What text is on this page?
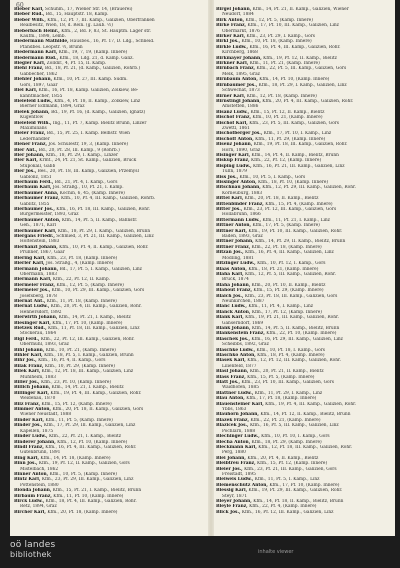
60
Bieber Karl, Schuhm., 17, Wiener Str. 14, (Brauerei)
Bieber Rud., Bd., 15, Hauptstr. 18, Kamp.
Bieber Wilh., Kfm., 12, Pf. 7, III. Kamp., Galizien, Oberfranken
Realbesitz, Wien, 18, d. Rein. (g. Laub. ½)
Bieberbach Heinr., Kfm., 2, Bd. F, 83, St. Hauptm. Lager str.
Kaufm., 1898, Lemb.
Biedermann Mathilde, Hausbes., 16, Pf. 17, D. Ldg., Schneid.
Pfandbes. Leopstr. ½, Brünn
Biedermann Karl, Kfm., 19, 7, 19, (Kamp. Innere)
Biedermann Rud., Kfm., 18, Ldg. 21, d. Kamp. Galiz.
Biegler Karl, Zolldir., 4, Pf. 15, II. Kamp.
Biehl Franz, Bd., 18, Pf. 21, (d. Kamp., Galizien, Rohrb.)
Gabbecher, 1862
Biehler Johann, Kfm., 10, Pf. 27, III. Kamp. Südm.
Görs, 1897, Gaar
Biel Karl, Kfm., 16, Pf. 18, Kamp. Galizien, Zolkiew, Be-
kanntmacher, 1855
Bielefeld Ludw., Kfm., 4, Pf. 18, II. Kamp., Zolkiew, Linz
Bierner Edlmann, 1894, Graz
Bielek Johann, Bd., 19, Pf. 16, (d. Kamp., Galizien, Ignatz)
Kugenflow
Bielefeld Wilh., Ing., 11, Pf. 7, Kamp. Bielitz Brünn, Linzer
Maximilians
Bieler Franz, Bd., 15, Pf. 25, I. Kamp. Belhstr. Wien
Lederhändler
Biener Franz, Jos. Schulestr, 19, 3, (Kamp. Innere)
Bier Ant., Bd., 20, Pf. 28, III. Kamp., 9 (Rohrb.)
Bier Johann, Kfm., 18, Pf. 29, I. Kamp., Linzer
Bier Karl, Krmt., 24, Pf. 21, St. Kamp., Galizien, Bruck
Stupokall, Gabb
Bier Jos., Bes., 20, Pf. 18, III. Kamp., Galizien, Przemysl
Gablonz, 1851
Bierbaum Ferd., Bd., 21, Pf. 4, I. Kamp., Görs
Bierbaum Karl, Jos. Straßg., 10, Pf. 21, I. Kamp.
Bierbaumer Anna, Köchin, 6, 45, (Kamp. Innere)
Bierbaumer Franz, Kfm., 10, Pf. 4, III. Kamp., Galizien, Rohrb.
Gablitz, 1855
Bierbaumer Jos., Kfm., 16, Pf. 18, III. Kamp., Galizien, Rohr.
Bürgermeister, 1893, Graz
Bierbaumer Anton, Kfm., 14, Pf. 5, II. Kamp., Bahnstr.
Geh., 1871, Karl
Bierbaumer Karl, Kfm., 18, Pf. 29, I. Kamp., Galizien, Brünn
Biergans Friedr., Schmied, 3, Pf. 21, III. Kamp., Galizien, Linz
Holtenstein, 1883
Bierhanzl Johann, Kfm., 10, Pf. 4, II. Kamp., Galizien, Rohr.
Prunner, 1867, Gaar
Biering Karl, Kfm., 23, Pf. 18, (Kamp. Innere)
Bierler Karl, Jos. Straßg., 4, (Kamp. Innere)
Biermann Johann, Bd., 17, Pf. 5, I. Kamp., Galizien, Linz
Obermann, 1883
Biermann Karl, Kfm., 22, Pf. 12, II. Kamp.
Biermeier Franz, Kfm., 12, Pf. 5, (Kamp. Innere)
Biermeier Jos., Kfm., 10, Pf. 29, III. Kamp., Galizien, Görs
Josefsberg, 1878
Biernat Ant., Kfm., 11, Pf. 18, (Kamp. Innere)
Biernat Ludw., Kfm., 20, Pf. 4, III. Kamp., Galizien, Rohr.
Hennersdorf, 1892
Bierwirth Johann, Kfm., 14, Pf. 21, I. Kamp., Bielitz
Biesinger Karl, Kfm., 17, Pf. 10, (Kamp. Innere)
Bietzek Rud., Kfm., 11, Pf. 18, III. Kamp., Galizien, Linz
Stockerau, 1864
Bigl Ferd., Kfm., 22, Pf. 12, III. Kamp., Galizien, Rohr.
Obermühl, 1893, Graz
Bihl Johann, Kfm., 10, Pf. 21, (Kamp. Innere)
Bihler Karl, Kfm., 18, Pf. 5, I. Kamp., Galizien, Brünn
Bihr Jos., Kfm., 16, Pf. 4, II. Kamp., Görs
Bilak Franz, Kfm., 10, Pf. 29, (Kamp. Innere)
Bilek Karl, Kfm., 12, Pf. 18, III. Kamp., Galizien, Linz
Mühlheim, 1883
Biller Jos., Kfm., 23, Pf. 10, (Kamp. Innere)
Billich Johann, Kfm., 14, Pf. 21, I. Kamp., Bielitz
Billinger Karl, Kfm., 19, Pf. 4, III. Kamp., Galizien, Rohr.
Weidenau, 1870
Bilz Franz, Kfm., 15, Pf. 12, (Kamp. Innere)
Bimmer Anton, Kfm., 20, Pf. 18, II. Kamp., Galizien, Görs
Wiener Neustadt, 1888
Binder Karl, Kfm., 11, Pf. 5, (Kamp. Innere)
Binder Jos., Kfm., 17, Pf. 29, III. Kamp., Galizien, Linz
Kapellen, 1875
Binder Ludw., Kfm., 22, Pf. 21, I. Kamp., Bielitz
Binderer Johann, Kfm., 12, Pf. 10, (Kamp. Innere)
Bindl Franz, Kfm., 16, Pf. 4, III. Kamp., Galizien, Rohr.
Gutenbrunn, 1891
Bing Karl, Kfm., 14, Pf. 18, (Kamp. Innere)
Binn Jos., Kfm., 19, Pf. 12, II. Kamp., Galizien, Görs
Mistelbach, 1862
Binner Anton, Kfm., 10, Pf. 5, (Kamp. Innere)
Bintz Karl, Kfm., 23, Pf. 29, III. Kamp., Galizien, Linz
Pottenstein, 1880
Bionda Johann, Kfm., 15, Pf. 21, I. Kamp., Bielitz, Brünn
Birbaum Franz, Kfm., 11, Pf. 10, (Kamp. Innere)
Birck Ludw., Kfm., 18, Pf. 4, III. Kamp., Galizien, Rohr.
Retz, 1894, Graz
Bircher Karl, Kfm., 20, Pf. 18, (Kamp. Innere)
Birgel Johann, Kfm., 14, Pf. 21, II. Kamp., Galizien, Wiener
Neudorf, 1884
Birk Anton, Kfm., 12, Pf. 5, (Kamp. Innere)
Birke Franz, Kfm., 17, Pf. 10, III. Kamp., Galizien, Linz
Obermarkt, 1876
Birker Karl, Kfm., 23, Pf. 29, I. Kamp., Görs
Birkl Jos., Kfm., 10, Pf. 18, (Kamp. Innere)
Birkle Ludw., Kfm., 16, Pf. 4, III. Kamp., Galizien, Rohr.
Kirchberg, 1868
Birkmayer Johann, Kfm., 19, Pf. 12, II. Kamp., Bielitz
Birkner Karl, Kfm., 11, Pf. 21, (Kamp. Innere)
Birnbach Franz, Kfm., 22, Pf. 5, III. Kamp., Galizien, Görs
Melk, 1895, Graz
Birnbaum Anton, Kfm., 14, Pf. 10, (Kamp. Innere)
Birnbaumer Jos., Kfm., 18, Pf. 29, I. Kamp., Galizien, Linz
Schwechat, 1873
Birner Karl, Kfm., 12, Pf. 18, (Kamp. Innere)
Birnstingl Johann, Kfm., 20, Pf. 4, III. Kamp., Galizien, Rohr.
Amstetten, 1886
Bisanz Ludw., Kfm., 15, Pf. 12, II. Kamp., Bielitz
Bischof Franz, Kfm., 10, Pf. 21, (Kamp. Innere)
Bischof Karl, Kfm., 23, Pf. 5, III. Kamp., Galizien, Görs
Zwettl, 1861
Bischofberger Jos., Kfm., 17, Pf. 10, I. Kamp., Linz
Bischoff Anton, Kfm., 11, Pf. 29, (Kamp. Innere)
Bisenz Johann, Kfm., 19, Pf. 18, III. Kamp., Galizien, Rohr.
Horn, 1890, Graz
Bisinger Karl, Kfm., 14, Pf. 4, II. Kamp., Bielitz, Brünn
Biskup Franz, Kfm., 22, Pf. 12, (Kamp. Innere)
Bisping Ludw., Kfm., 16, Pf. 21, III. Kamp., Galizien, Linz
Tulln, 1879
Biss Jos., Kfm., 10, Pf. 5, I. Kamp., Görs
Bissinger Anton, Kfm., 18, Pf. 10, (Kamp. Innere)
Bitschnau Johann, Kfm., 12, Pf. 29, III. Kamp., Galizien, Rohr.
Korneuburg, 1883
Bittel Karl, Kfm., 20, Pf. 18, II. Kamp., Bielitz
Bittenbinder Franz, Kfm., 15, Pf. 4, (Kamp. Innere)
Bitter Jos., Kfm., 23, Pf. 12, III. Kamp., Galizien, Görs
Hollabrunn, 1866
Bittermann Ludw., Kfm., 11, Pf. 21, I. Kamp., Linz
Bittner Anton, Kfm., 17, Pf. 5, (Kamp. Innere)
Bittner Karl, Kfm., 19, Pf. 10, III. Kamp., Galizien, Rohr.
Baden, 1893, Graz
Bittner Johann, Kfm., 14, Pf. 29, II. Kamp., Bielitz, Brünn
Bittner Franz, Kfm., 22, Pf. 18, (Kamp. Innere)
Bitzan Jos., Kfm., 16, Pf. 4, III. Kamp., Galizien, Linz
Mödling, 1881
Bitzinger Ludw., Kfm., 10, Pf. 12, I. Kamp., Görs
Blaas Anton, Kfm., 18, Pf. 21, (Kamp. Innere)
Blaha Karl, Kfm., 12, Pf. 5, III. Kamp., Galizien, Rohr.
Bruck, 1874
Blaha Johann, Kfm., 20, Pf. 10, II. Kamp., Bielitz
Blahout Franz, Kfm., 15, Pf. 29, (Kamp. Innere)
Blaich Jos., Kfm., 23, Pf. 18, III. Kamp., Galizien, Görs
Neunkirchen, 1887
Blanc Ludw., Kfm., 11, Pf. 4, I. Kamp., Linz
Blanck Anton, Kfm., 17, Pf. 12, (Kamp. Innere)
Blank Karl, Kfm., 19, Pf. 21, III. Kamp., Galizien, Rohr.
Gänserndorf, 1869
Blank Johann, Kfm., 14, Pf. 5, II. Kamp., Bielitz, Brünn
Blankenstein Franz, Kfm., 22, Pf. 10, (Kamp. Innere)
Blaschek Jos., Kfm., 16, Pf. 29, III. Kamp., Galizien, Linz
Scheibbs, 1892, Graz
Blaschke Ludw., Kfm., 10, Pf. 18, I. Kamp., Görs
Blaschko Anton, Kfm., 18, Pf. 4, (Kamp. Innere)
Blasek Karl, Kfm., 12, Pf. 12, III. Kamp., Galizien, Rohr.
Lilienfeld, 1877
Blasl Johann, Kfm., 20, Pf. 21, II. Kamp., Bielitz
Blass Franz, Kfm., 15, Pf. 5, (Kamp. Innere)
Blatt Jos., Kfm., 23, Pf. 10, III. Kamp., Galizien, Görs
Waidhofen, 1885
Blattner Ludw., Kfm., 11, Pf. 29, I. Kamp., Linz
Blau Anton, Kfm., 17, Pf. 18, (Kamp. Innere)
Blauensteiner Karl, Kfm., 19, Pf. 4, III. Kamp., Galizien, Rohr.
Ybbs, 1863
Blauhorn Johann, Kfm., 14, Pf. 12, II. Kamp., Bielitz, Brünn
Blazek Franz, Kfm., 22, Pf. 21, (Kamp. Innere)
Blazicek Jos., Kfm., 16, Pf. 5, III. Kamp., Galizien, Linz
Pöchlarn, 1888
Blechinger Ludw., Kfm., 10, Pf. 10, I. Kamp., Görs
Blecha Anton, Kfm., 18, Pf. 29, (Kamp. Innere)
Bleckmann Karl, Kfm., 12, Pf. 18, III. Kamp., Galizien, Rohr.
Perg, 1880
Blei Johann, Kfm., 20, Pf. 4, II. Kamp., Bielitz
Bleibtreu Franz, Kfm., 15, Pf. 12, (Kamp. Innere)
Bleier Jos., Kfm., 23, Pf. 21, III. Kamp., Galizien, Görs
Freistadt, 1895
Bleiweis Ludw., Kfm., 11, Pf. 5, I. Kamp., Linz
Blemenschütz Anton, Kfm., 17, Pf. 10, (Kamp. Innere)
Blessig Karl, Kfm., 19, Pf. 29, III. Kamp., Galizien, Rohr.
Steyr, 1871
Bleyer Johann, Kfm., 14, Pf. 18, II. Kamp., Bielitz, Brünn
Bleyle Franz, Kfm., 22, Pf. 4, (Kamp. Innere)
Blick Jos., Kfm., 16, Pf. 12, III. Kamp., Galizien, Linz
oö landes
bibliothek	inhalte viewer
